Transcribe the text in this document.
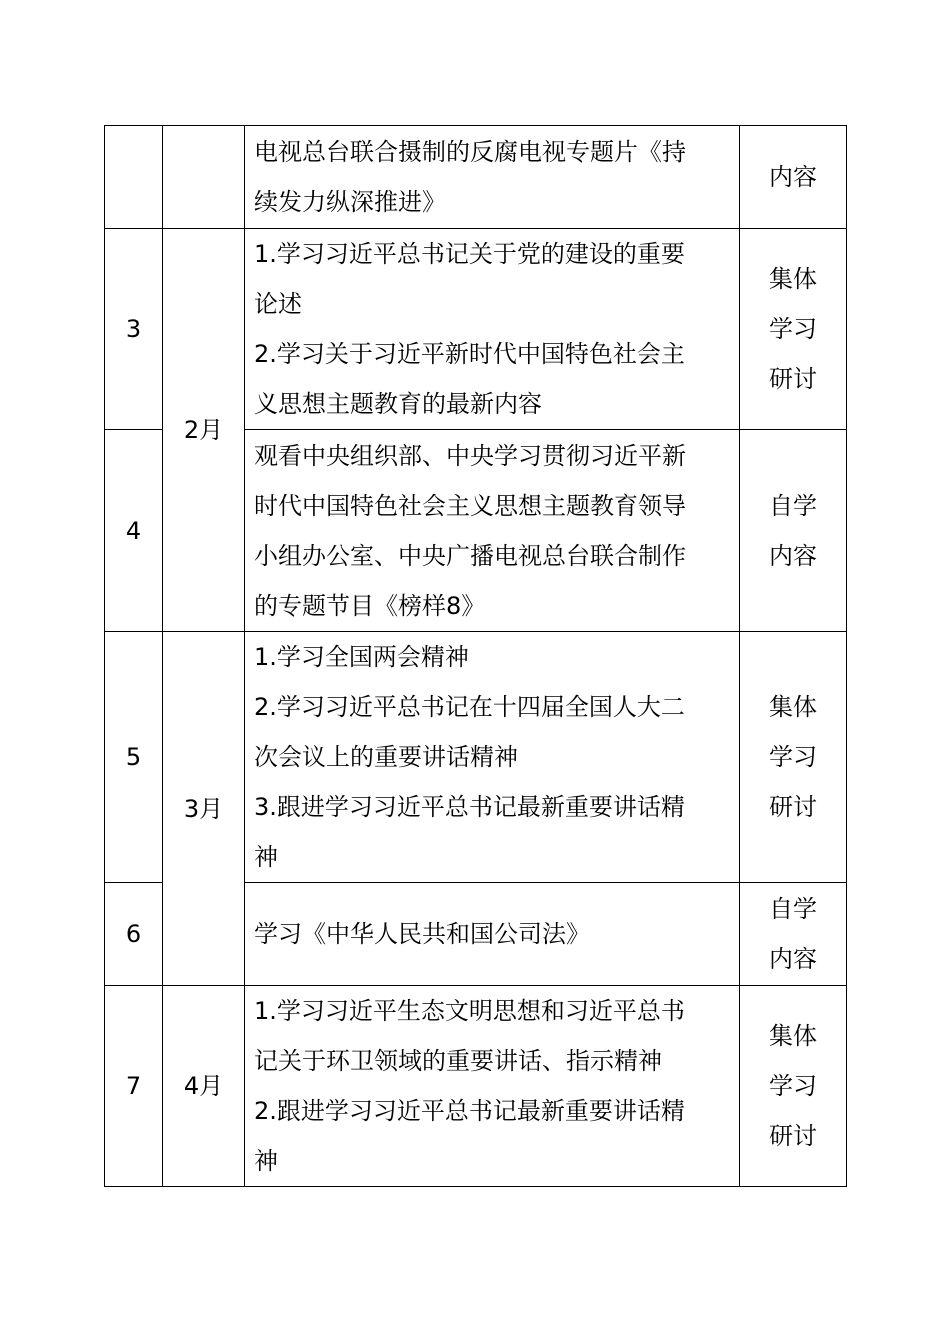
		电视总台联合摄制的反腐电视专题片《持
续发力纵深推进》	内容

3	2月	1.学习习近平总书记关于党的建设的重要
论述
2.学习关于习近平新时代中国特色社会主
义思想主题教育的最新内容	集体
学习
研讨

4		观看中央组织部、中央学习贯彻习近平新
时代中国特色社会主义思想主题教育领导
小组办公室、中央广播电视总台联合制作
的专题节目《榜样8》	自学
内容

5	3月	1.学习全国两会精神
2.学习习近平总书记在十四届全国人大二
次会议上的重要讲话精神
3.跟进学习习近平总书记最新重要讲话精
神	集体
学习
研讨

6		学习《中华人民共和国公司法》	自学
内容

7	4月	1.学习习近平生态文明思想和习近平总书
记关于环卫领域的重要讲话、指示精神
2.跟进学习习近平总书记最新重要讲话精
神	集体
学习
研讨
